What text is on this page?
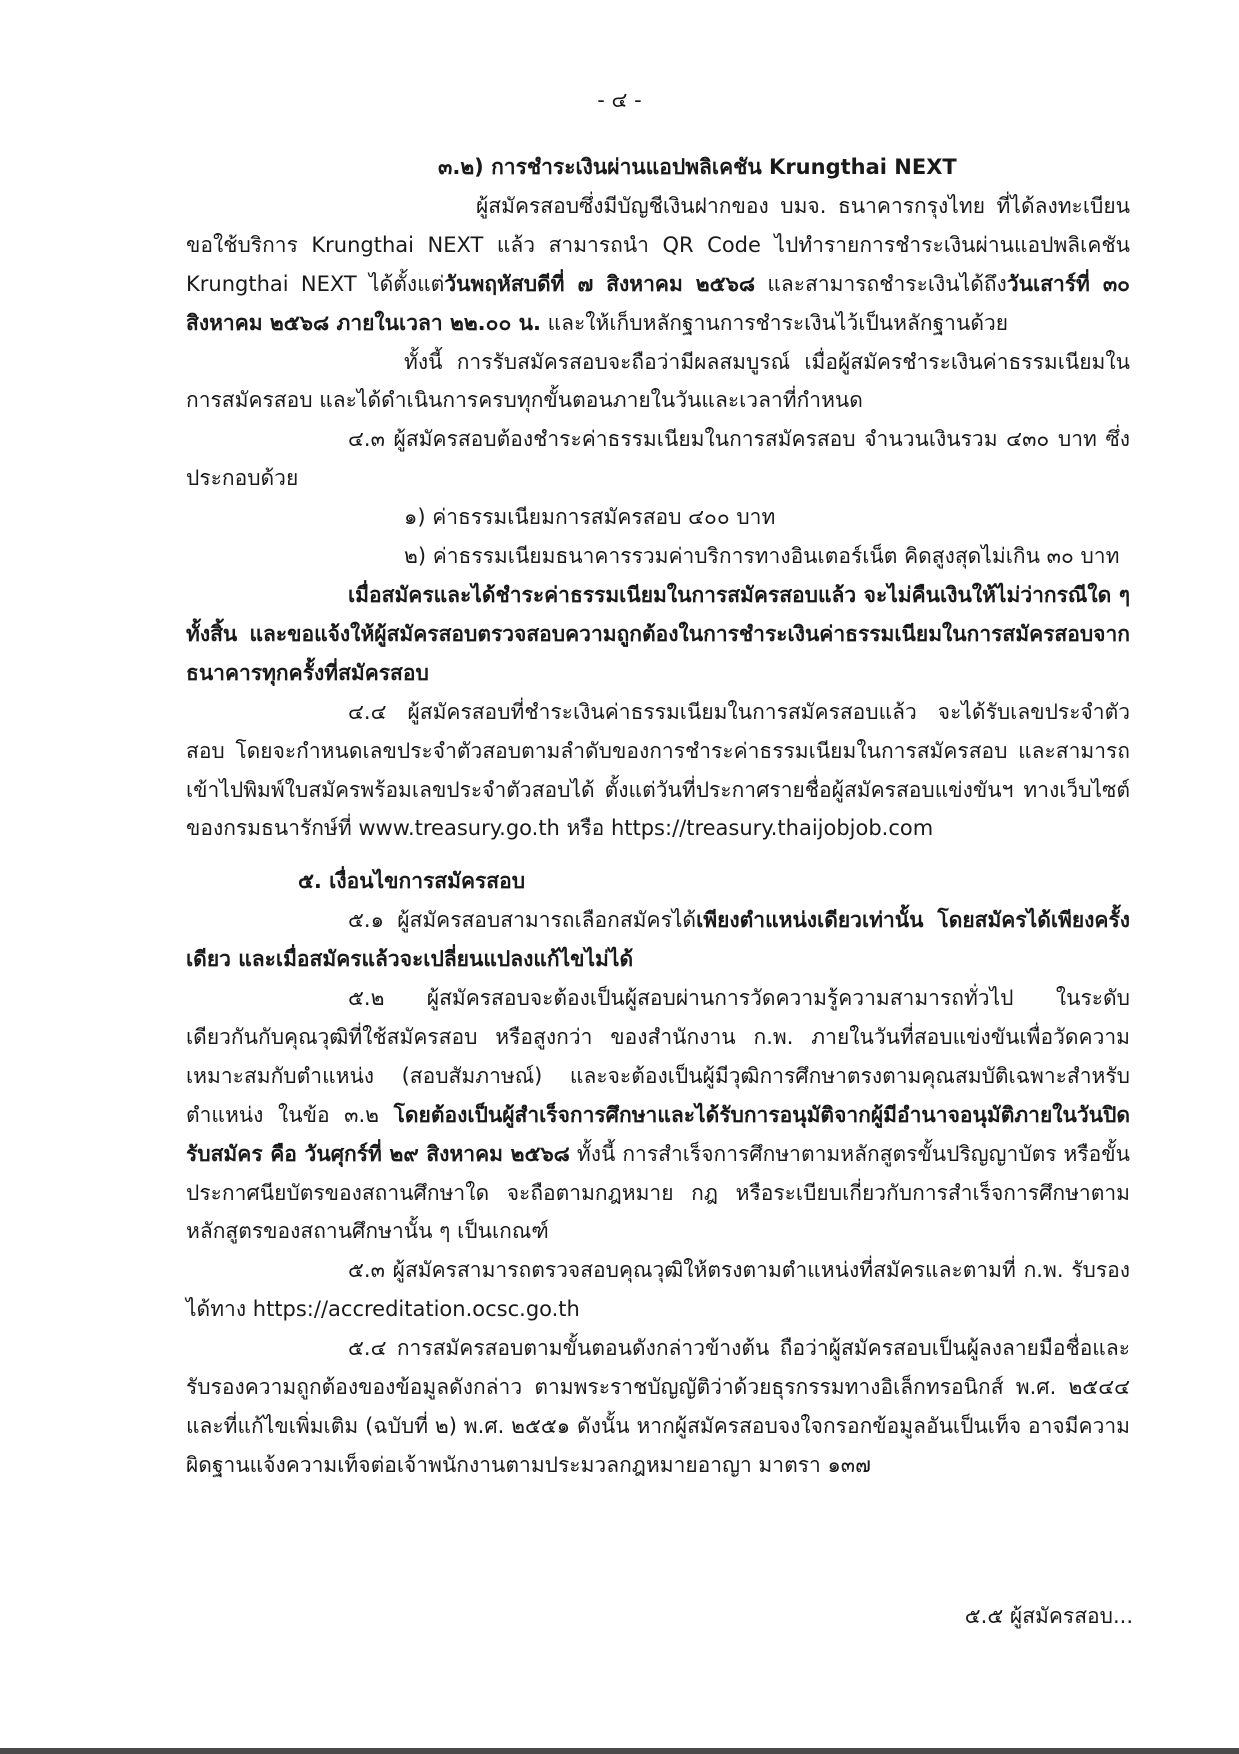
- ๔ -

๓.๒) การชำระเงินผ่านแอปพลิเคชัน Krungthai NEXT

ผู้สมัครสอบซึ่งมีบัญชีเงินฝากของ บมจ. ธนาคารกรุงไทย ที่ได้ลงทะเบียนขอใช้บริการ Krungthai NEXT แล้ว สามารถนำ QR Code ไปทำรายการชำระเงินผ่านแอปพลิเคชัน Krungthai NEXT ได้ตั้งแต่วันพฤหัสบดีที่ ๗ สิงหาคม ๒๕๖๘ และสามารถชำระเงินได้ถึงวันเสาร์ที่ ๓๐ สิงหาคม ๒๕๖๘ ภายในเวลา ๒๒.๐๐ น. และให้เก็บหลักฐานการชำระเงินไว้เป็นหลักฐานด้วย

ทั้งนี้ การรับสมัครสอบจะถือว่ามีผลสมบูรณ์ เมื่อผู้สมัครชำระเงินค่าธรรมเนียมในการสมัครสอบ และได้ดำเนินการครบทุกขั้นตอนภายในวันและเวลาที่กำหนด

๔.๓ ผู้สมัครสอบต้องชำระค่าธรรมเนียมในการสมัครสอบ จำนวนเงินรวม ๔๓๐ บาท ซึ่งประกอบด้วย

๑) ค่าธรรมเนียมการสมัครสอบ ๔๐๐ บาท

๒) ค่าธรรมเนียมธนาคารรวมค่าบริการทางอินเตอร์เน็ต คิดสูงสุดไม่เกิน ๓๐ บาท

เมื่อสมัครและได้ชำระค่าธรรมเนียมในการสมัครสอบแล้ว จะไม่คืนเงินให้ไม่ว่ากรณีใด ๆ ทั้งสิ้น และขอแจ้งให้ผู้สมัครสอบตรวจสอบความถูกต้องในการชำระเงินค่าธรรมเนียมในการสมัครสอบจากธนาคารทุกครั้งที่สมัครสอบ

๔.๔ ผู้สมัครสอบที่ชำระเงินค่าธรรมเนียมในการสมัครสอบแล้ว จะได้รับเลขประจำตัวสอบ โดยจะกำหนดเลขประจำตัวสอบตามลำดับของการชำระค่าธรรมเนียมในการสมัครสอบ และสามารถเข้าไปพิมพ์ใบสมัครพร้อมเลขประจำตัวสอบได้ ตั้งแต่วันที่ประกาศรายชื่อผู้สมัครสอบแข่งขันฯ ทางเว็บไซต์ของกรมธนารักษ์ที่ www.treasury.go.th หรือ https://treasury.thaijobjob.com

๕. เงื่อนไขการสมัครสอบ

๕.๑ ผู้สมัครสอบสามารถเลือกสมัครได้เพียงตำแหน่งเดียวเท่านั้น โดยสมัครได้เพียงครั้งเดียว และเมื่อสมัครแล้วจะเปลี่ยนแปลงแก้ไขไม่ได้

๕.๒ ผู้สมัครสอบจะต้องเป็นผู้สอบผ่านการวัดความรู้ความสามารถทั่วไป ในระดับเดียวกันกับคุณวุฒิที่ใช้สมัครสอบ หรือสูงกว่า ของสำนักงาน ก.พ. ภายในวันที่สอบแข่งขันเพื่อวัดความเหมาะสมกับตำแหน่ง (สอบสัมภาษณ์) และจะต้องเป็นผู้มีวุฒิการศึกษาตรงตามคุณสมบัติเฉพาะสำหรับตำแหน่ง ในข้อ ๓.๒ โดยต้องเป็นผู้สำเร็จการศึกษาและได้รับการอนุมัติจากผู้มีอำนาจอนุมัติภายในวันปิดรับสมัคร คือ วันศุกร์ที่ ๒๙ สิงหาคม ๒๕๖๘ ทั้งนี้ การสำเร็จการศึกษาตามหลักสูตรขั้นปริญญาบัตร หรือขั้นประกาศนียบัตรของสถานศึกษาใด จะถือตามกฎหมาย กฎ หรือระเบียบเกี่ยวกับการสำเร็จการศึกษาตามหลักสูตรของสถานศึกษานั้น ๆ เป็นเกณฑ์

๕.๓ ผู้สมัครสามารถตรวจสอบคุณวุฒิให้ตรงตามตำแหน่งที่สมัครและตามที่ ก.พ. รับรอง ได้ทาง https://accreditation.ocsc.go.th

๕.๔ การสมัครสอบตามขั้นตอนดังกล่าวข้างต้น ถือว่าผู้สมัครสอบเป็นผู้ลงลายมือชื่อและรับรองความถูกต้องของข้อมูลดังกล่าว ตามพระราชบัญญัติว่าด้วยธุรกรรมทางอิเล็กทรอนิกส์ พ.ศ. ๒๕๔๔ และที่แก้ไขเพิ่มเติม (ฉบับที่ ๒) พ.ศ. ๒๕๕๑ ดังนั้น หากผู้สมัครสอบจงใจกรอกข้อมูลอันเป็นเท็จ อาจมีความผิดฐานแจ้งความเท็จต่อเจ้าพนักงานตามประมวลกฎหมายอาญา มาตรา ๑๓๗

๕.๕ ผู้สมัครสอบ...
